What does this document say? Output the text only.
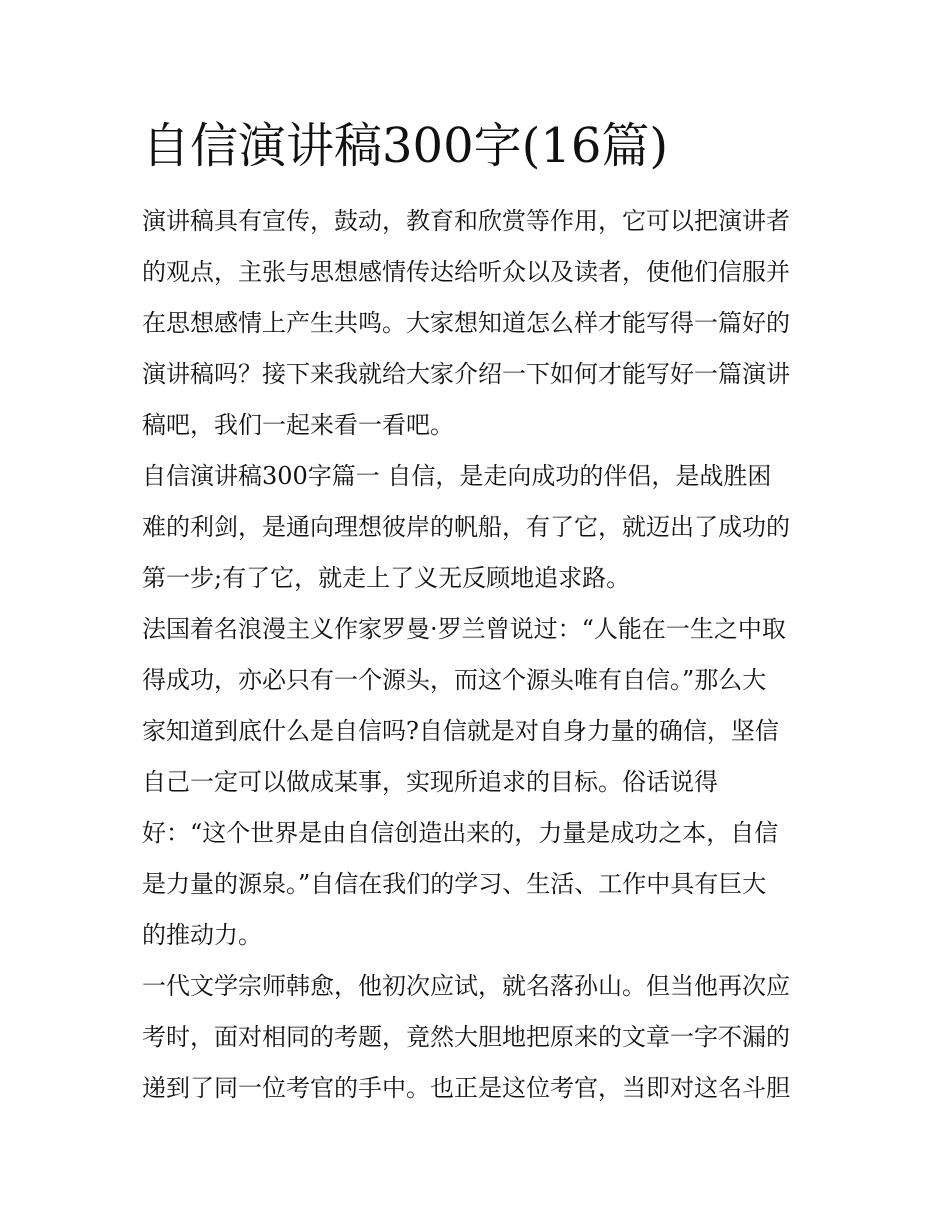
自信演讲稿300字(16篇)
演讲稿具有宣传，鼓动，教育和欣赏等作用，它可以把演讲者
的观点，主张与思想感情传达给听众以及读者，使他们信服并
在思想感情上产生共鸣。大家想知道怎么样才能写得一篇好的
演讲稿吗？接下来我就给大家介绍一下如何才能写好一篇演讲
稿吧，我们一起来看一看吧。
自信演讲稿300字篇一 自信，是走向成功的伴侣，是战胜困
难的利剑，是通向理想彼岸的帆船，有了它，就迈出了成功的
第一步;有了它，就走上了义无反顾地追求路。
法国着名浪漫主义作家罗曼·罗兰曾说过：“人能在一生之中取
得成功，亦必只有一个源头，而这个源头唯有自信。”那么大
家知道到底什么是自信吗?自信就是对自身力量的确信，坚信
自己一定可以做成某事，实现所追求的目标。俗话说得
好：“这个世界是由自信创造出来的，力量是成功之本，自信
是力量的源泉。”自信在我们的学习、生活、工作中具有巨大
的推动力。
一代文学宗师韩愈，他初次应试，就名落孙山。但当他再次应
考时，面对相同的考题，竟然大胆地把原来的文章一字不漏的
递到了同一位考官的手中。也正是这位考官，当即对这名斗胆
